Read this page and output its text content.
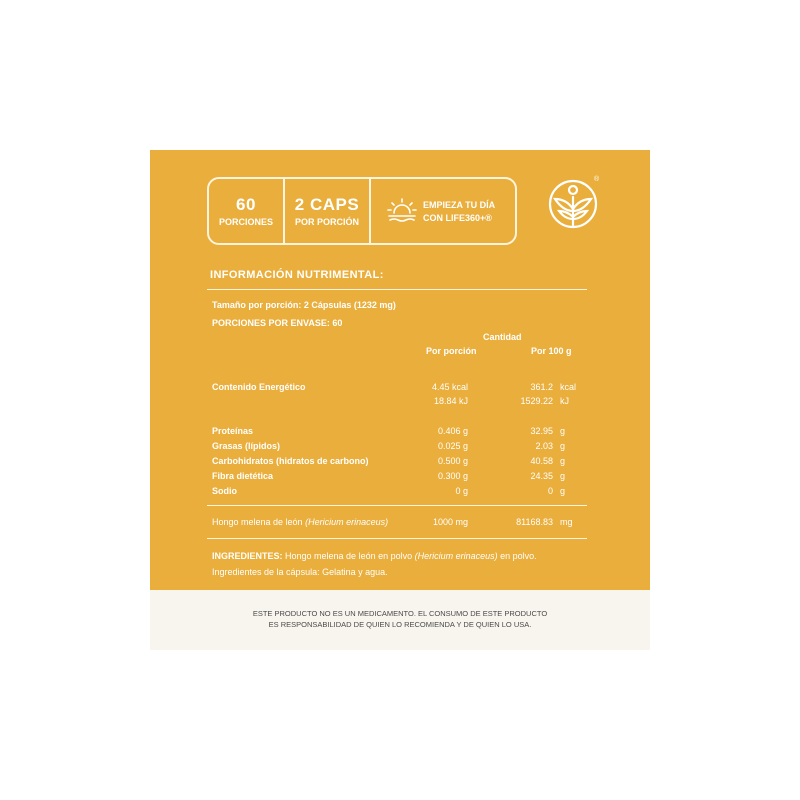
60
PORCIONES
2 CAPS
POR PORCIÓN
EMPIEZA TU DÍA
CON LIFE360+®
®
INFORMACIÓN NUTRIMENTAL:
Tamaño por porción: 2 Cápsulas (1232 mg)
PORCIONES POR ENVASE: 60
Cantidad
Por porción	Por 100 g
Contenido Energético	4.45 kcal	361.2 kcal
18.84 kJ	1529.22 kJ
Proteínas	0.406 g	32.95 g
Grasas (lípidos)	0.025 g	2.03 g
Carbohidratos (hidratos de carbono)	0.500 g	40.58 g
Fibra dietética	0.300 g	24.35 g
Sodio	0 g	0 g
Hongo melena de león (Hericium erinaceus)	1000 mg	81168.83 mg
INGREDIENTES: Hongo melena de león en polvo (Hericium erinaceus) en polvo.
Ingredientes de la cápsula: Gelatina y agua.
ESTE PRODUCTO NO ES UN MEDICAMENTO. EL CONSUMO DE ESTE PRODUCTO
ES RESPONSABILIDAD DE QUIEN LO RECOMIENDA Y DE QUIEN LO USA.
